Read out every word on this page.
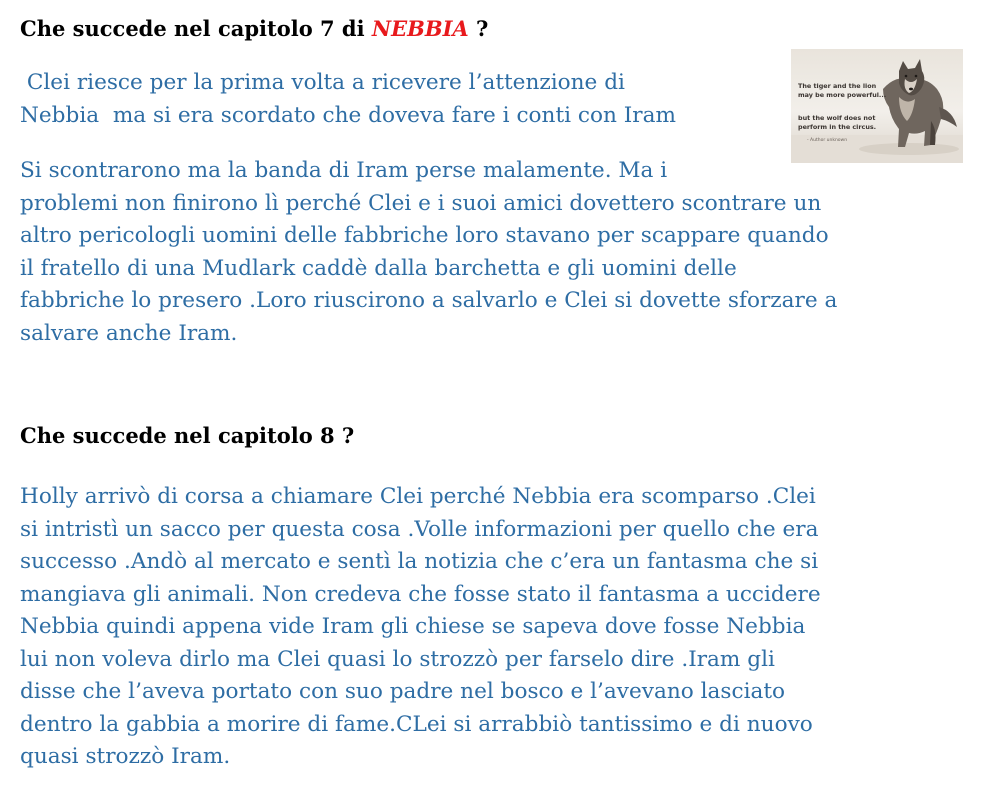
Che succede nel capitolo 7 di NEBBIA ?
Clei riesce per la prima volta a ricevere l’attenzione di
Nebbia  ma si era scordato che doveva fare i conti con Iram
Si scontrarono ma la banda di Iram perse malamente. Ma i
problemi non finirono lì perché Clei e i suoi amici dovettero scontrare un
altro pericologli uomini delle fabbriche loro stavano per scappare quando
il fratello di una Mudlark caddè dalla barchetta e gli uomini delle
fabbriche lo presero .Loro riuscirono a salvarlo e Clei si dovette sforzare a
salvare anche Iram.
The tiger and the lion
may be more powerful...
but the wolf does not
perform in the circus.
- Author unknown
Che succede nel capitolo 8 ?
Holly arrivò di corsa a chiamare Clei perché Nebbia era scomparso .Clei
si intristì un sacco per questa cosa .Volle informazioni per quello che era
successo .Andò al mercato e sentì la notizia che c’era un fantasma che si
mangiava gli animali. Non credeva che fosse stato il fantasma a uccidere
Nebbia quindi appena vide Iram gli chiese se sapeva dove fosse Nebbia
lui non voleva dirlo ma Clei quasi lo strozzò per farselo dire .Iram gli
disse che l’aveva portato con suo padre nel bosco e l’avevano lasciato
dentro la gabbia a morire di fame.CLei si arrabbiò tantissimo e di nuovo
quasi strozzò Iram.
